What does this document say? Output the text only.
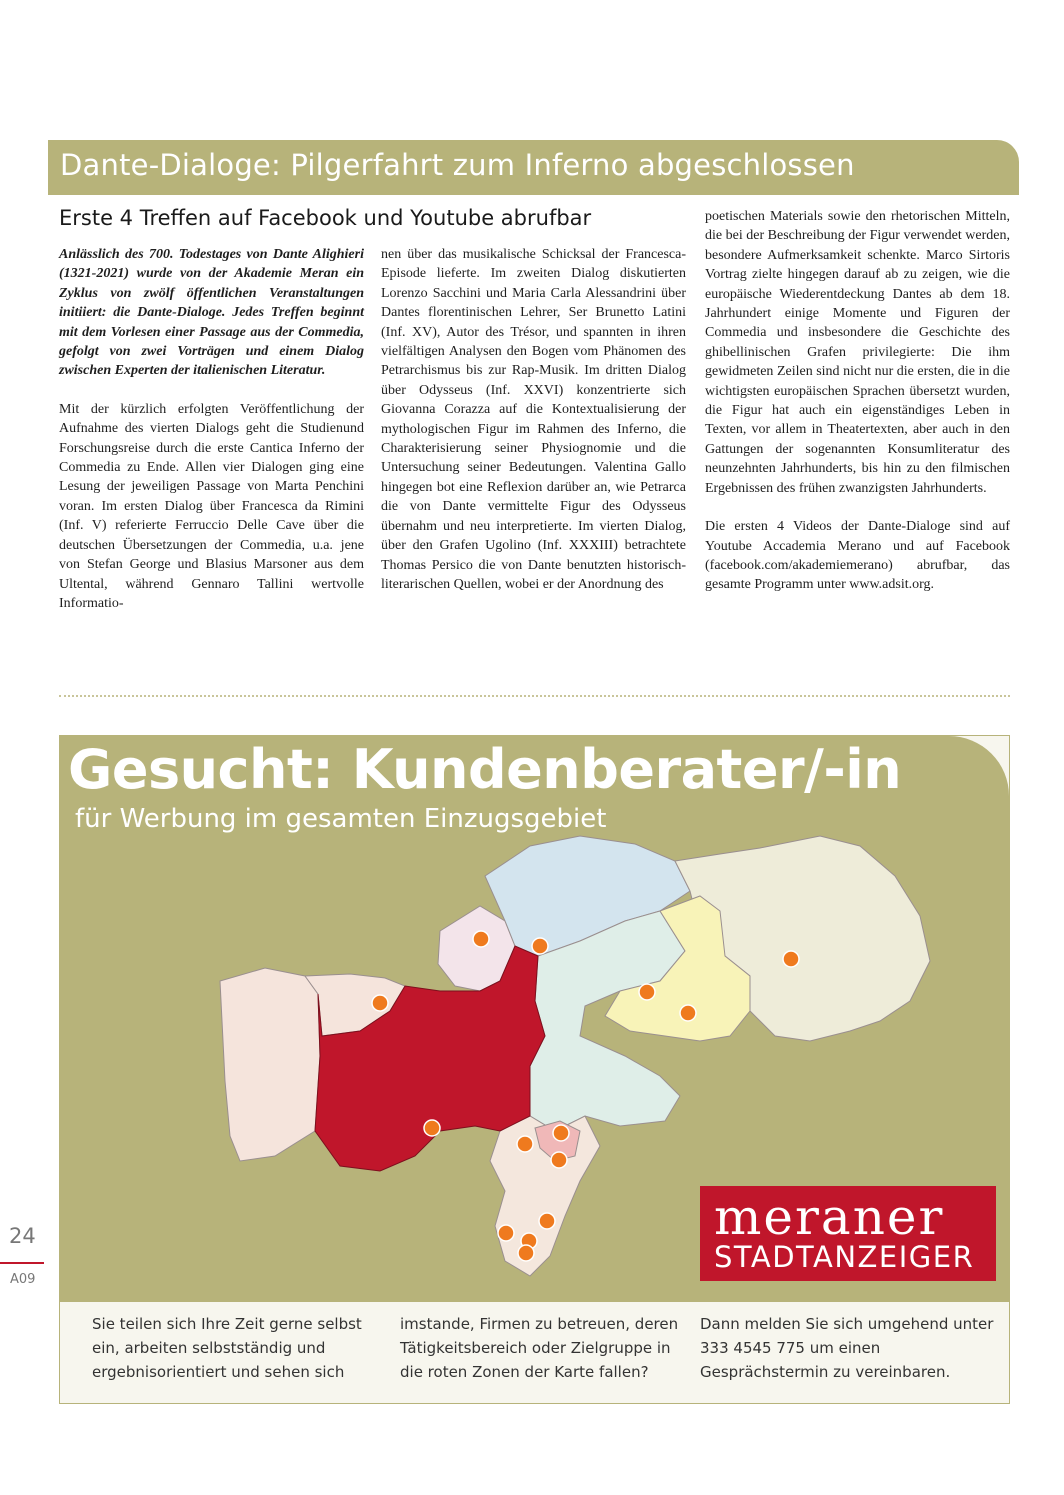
Dante-Dialoge: Pilgerfahrt zum Inferno abgeschlossen
Erste 4 Treffen auf Facebook und Youtube abrufbar

Anlässlich des 700. Todestages von Dante Alighieri (1321-2021) wurde von der Akademie Meran ein Zyklus von zwölf öffentlichen Veranstaltungen initiiert: die Dante-Dialoge. Jedes Treffen beginnt mit dem Vorlesen einer Passage aus der Commedia, gefolgt von zwei Vorträgen und einem Dialog zwischen Experten der italienischen Literatur.

Mit der kürzlich erfolgten Veröffentlichung der Aufnahme des vierten Dialogs geht die Studienund Forschungsreise durch die erste Cantica Inferno der Commedia zu Ende. Allen vier Dialogen ging eine Lesung der jeweiligen Passage von Marta Penchini voran. Im ersten Dialog über Francesca da Rimini (Inf. V) referierte Ferruccio Delle Cave über die deutschen Übersetzungen der Commedia, u.a. jene von Stefan George und Blasius Marsoner aus dem Ultental, während Gennaro Tallini wertvolle Informatio-

nen über das musikalische Schicksal der Francesca-Episode lieferte. Im zweiten Dialog diskutierten Lorenzo Sacchini und Maria Carla Alessandrini über Dantes florentinischen Lehrer, Ser Brunetto Latini (Inf. XV), Autor des Trésor, und spannten in ihren vielfältigen Analysen den Bogen vom Phänomen des Petrarchismus bis zur Rap-Musik. Im dritten Dialog über Odysseus (Inf. XXVI) konzentrierte sich Giovanna Corazza auf die Kontextualisierung der mythologischen Figur im Rahmen des Inferno, die Charakterisierung seiner Physiognomie und die Untersuchung seiner Bedeutungen. Valentina Gallo hingegen bot eine Reflexion darüber an, wie Petrarca die von Dante vermittelte Figur des Odysseus übernahm und neu interpretierte. Im vierten Dialog, über den Grafen Ugolino (Inf. XXXIII) betrachtete Thomas Persico die von Dante benutzten historisch-literarischen Quellen, wobei er der Anordnung des

poetischen Materials sowie den rhetorischen Mitteln, die bei der Beschreibung der Figur verwendet werden, besondere Aufmerksamkeit schenkte. Marco Sirtoris Vortrag zielte hingegen darauf ab zu zeigen, wie die europäische Wiederentdeckung Dantes ab dem 18. Jahrhundert einige Momente und Figuren der Commedia und insbesondere die Geschichte des ghibellinischen Grafen privilegierte: Die ihm gewidmeten Zeilen sind nicht nur die ersten, die in die wichtigsten europäischen Sprachen übersetzt wurden, die Figur hat auch ein eigenständiges Leben in Texten, vor allem in Theatertexten, aber auch in den Gattungen der sogenannten Konsumliteratur des neunzehnten Jahrhunderts, bis hin zu den filmischen Ergebnissen des frühen zwanzigsten Jahrhunderts.

Die ersten 4 Videos der Dante-Dialoge sind auf Youtube Accademia Merano und auf Facebook (facebook.com/akademiemerano) abrufbar, das gesamte Programm unter www.adsit.org.

Gesucht: Kundenberater/-in
für Werbung im gesamten Einzugsgebiet
meraner
STADTANZEIGER
Sie teilen sich Ihre Zeit gerne selbst ein, arbeiten selbstständig und ergebnisorientiert und sehen sich
imstande, Firmen zu betreuen, deren Tätigkeitsbereich oder Zielgruppe in die roten Zonen der Karte fallen?
Dann melden Sie sich umgehend unter 333 4545 775 um einen Gesprächstermin zu vereinbaren.
24
A09
